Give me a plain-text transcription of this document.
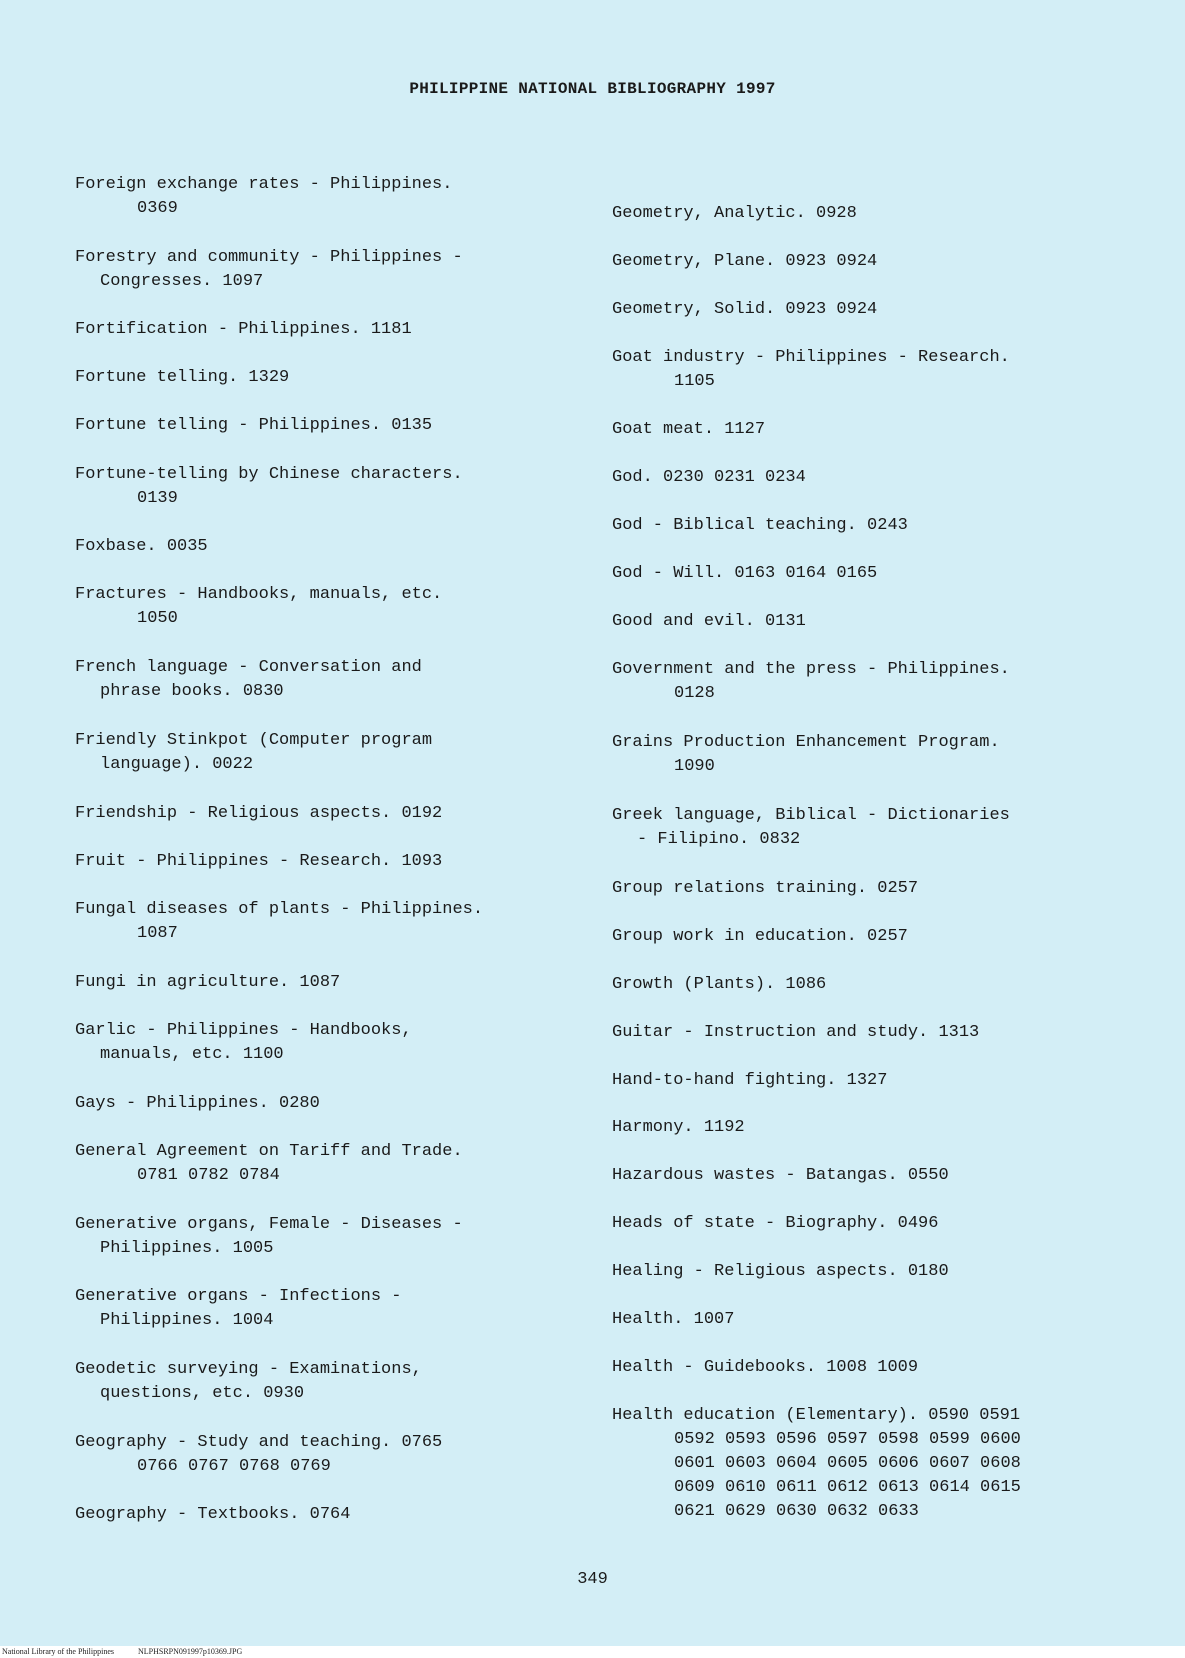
PHILIPPINE NATIONAL BIBLIOGRAPHY 1997
Foreign exchange rates - Philippines.
0369
Forestry and community - Philippines -
Congresses. 1097
Fortification - Philippines. 1181
Fortune telling. 1329
Fortune telling - Philippines. 0135
Fortune-telling by Chinese characters.
0139
Foxbase. 0035
Fractures - Handbooks, manuals, etc.
1050
French language - Conversation and
phrase books. 0830
Friendly Stinkpot (Computer program
language). 0022
Friendship - Religious aspects. 0192
Fruit - Philippines - Research. 1093
Fungal diseases of plants - Philippines.
1087
Fungi in agriculture. 1087
Garlic - Philippines - Handbooks,
manuals, etc. 1100
Gays - Philippines. 0280
General Agreement on Tariff and Trade.
0781 0782 0784
Generative organs, Female - Diseases -
Philippines. 1005
Generative organs - Infections -
Philippines. 1004
Geodetic surveying - Examinations,
questions, etc. 0930
Geography - Study and teaching. 0765
0766 0767 0768 0769
Geography - Textbooks. 0764
Geometry, Analytic. 0928
Geometry, Plane. 0923 0924
Geometry, Solid. 0923 0924
Goat industry - Philippines - Research.
1105
Goat meat. 1127
God. 0230 0231 0234
God - Biblical teaching. 0243
God - Will. 0163 0164 0165
Good and evil. 0131
Government and the press - Philippines.
0128
Grains Production Enhancement Program.
1090
Greek language, Biblical - Dictionaries
- Filipino. 0832
Group relations training. 0257
Group work in education. 0257
Growth (Plants). 1086
Guitar - Instruction and study. 1313
Hand-to-hand fighting. 1327
Harmony. 1192
Hazardous wastes - Batangas. 0550
Heads of state - Biography. 0496
Healing - Religious aspects. 0180
Health. 1007
Health - Guidebooks. 1008 1009
Health education (Elementary). 0590 0591
0592 0593 0596 0597 0598 0599 0600
0601 0603 0604 0605 0606 0607 0608
0609 0610 0611 0612 0613 0614 0615
0621 0629 0630 0632 0633
349
National Library of the Philippines	NLPHSRPN091997p10369.JPG
